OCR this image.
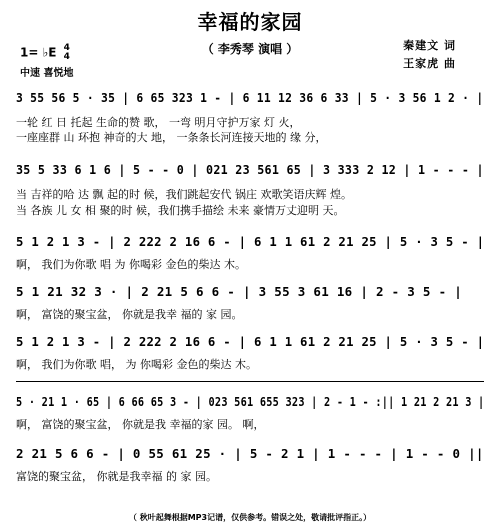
幸福的家园
（ 李秀琴 演唱 ）	秦建文 词
王家虎 曲
1= ♭E 4
4
中速 喜悦地
3 55 56 5 · 35 | 6 65 323 1 - | 6 11 12 36 6 33 | 5 · 3 56 1 2 · |
一轮 红 日 托起 生命的赞 歌， 一弯 明月守护万家 灯 火，
一座座群 山 环抱 神奇的大 地， 一条条长河连接天地的 缘 分，
35 5 33 6 1 6 | 5 - - 0 | 021 23 561 65 | 3 333 2 12 | 1 - - - |
当 吉祥的哈 达 飘 起的时 候，我们跳起安代 锅庄 欢歌笑语庆辉 煌。
当 各族 儿 女 相 聚的时 候，我们携手描绘 未来 豪情万丈迎明 天。
5 1 2 1 3 - | 2 222 2 16 6 - | 6 1 1 61 2 21 25 | 5 · 3 5 - |
啊， 我们为你歌 唱 为 你喝彩 金色的柴达 木。
5 1 21 32 3 · | 2 21 5 6 6 - | 3 55 3 61 16 | 2 - 3 5 - |
啊， 富饶的聚宝盆， 你就是我幸 福的 家 园。
5 1 2 1 3 - | 2 222 2 16 6 - | 6 1 1 61 2 21 25 | 5 · 3 5 - |
啊， 我们为你歌 唱， 为 你喝彩 金色的柴达 木。
5 · 21 1 · 65 | 6 66 65 3 - | 023 561 655 323 | 2 - 1 - :|| 1 21 2 21 3 |
啊， 富饶的聚宝盆， 你就是我 幸福的家 园。 啊，
2 21 5 6 6 - | 0 55 61 25 · | 5 - 2 1 | 1 - - - | 1 - - 0 ||
富饶的聚宝盆， 你就是我幸福 的 家 园。
（ 秋叶起舞根据MP3记谱，仅供参考。错误之处，敬请批评指正。）
